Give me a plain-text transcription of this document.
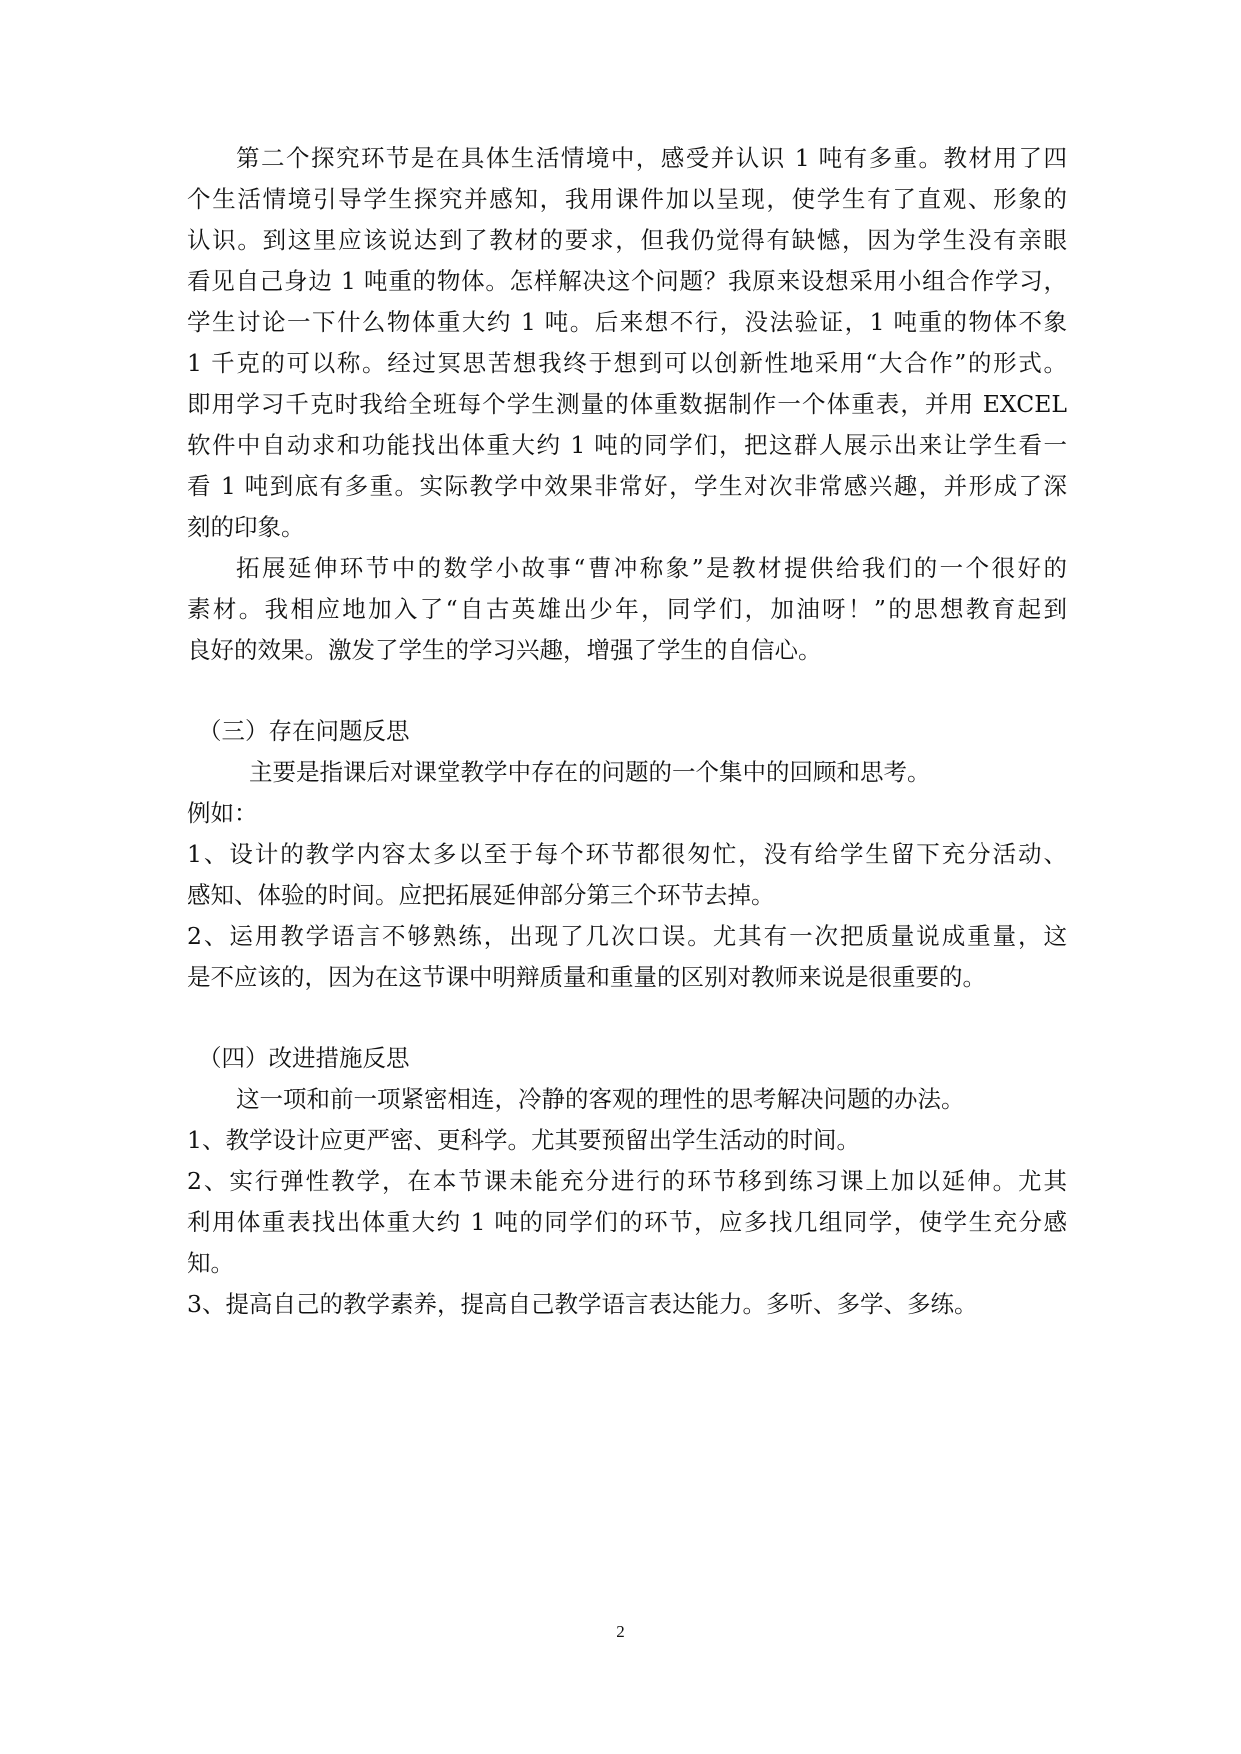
第二个探究环节是在具体生活情境中，感受并认识 1 吨有多重。教材用了四
个生活情境引导学生探究并感知，我用课件加以呈现，使学生有了直观、形象的
认识。到这里应该说达到了教材的要求，但我仍觉得有缺憾，因为学生没有亲眼
看见自己身边 1 吨重的物体。怎样解决这个问题？我原来设想采用小组合作学习，
学生讨论一下什么物体重大约 1 吨。后来想不行，没法验证，1 吨重的物体不象
1 千克的可以称。经过冥思苦想我终于想到可以创新性地采用“大合作”的形式。
即用学习千克时我给全班每个学生测量的体重数据制作一个体重表，并用 EXCEL
软件中自动求和功能找出体重大约 1 吨的同学们，把这群人展示出来让学生看一
看 1 吨到底有多重。实际教学中效果非常好，学生对次非常感兴趣，并形成了深
刻的印象。
拓展延伸环节中的数学小故事“曹冲称象”是教材提供给我们的一个很好的
素材。我相应地加入了“自古英雄出少年，同学们，加油呀！”的思想教育起到
良好的效果。激发了学生的学习兴趣，增强了学生的自信心。
（三）存在问题反思
主要是指课后对课堂教学中存在的问题的一个集中的回顾和思考。
例如：
1、设计的教学内容太多以至于每个环节都很匆忙，没有给学生留下充分活动、
感知、体验的时间。应把拓展延伸部分第三个环节去掉。
2、运用教学语言不够熟练，出现了几次口误。尤其有一次把质量说成重量，这
是不应该的，因为在这节课中明辩质量和重量的区别对教师来说是很重要的。
（四）改进措施反思
这一项和前一项紧密相连，冷静的客观的理性的思考解决问题的办法。
1、教学设计应更严密、更科学。尤其要预留出学生活动的时间。
2、实行弹性教学，在本节课未能充分进行的环节移到练习课上加以延伸。尤其
利用体重表找出体重大约 1 吨的同学们的环节，应多找几组同学，使学生充分感
知。
3、提高自己的教学素养，提高自己教学语言表达能力。多听、多学、多练。
2
